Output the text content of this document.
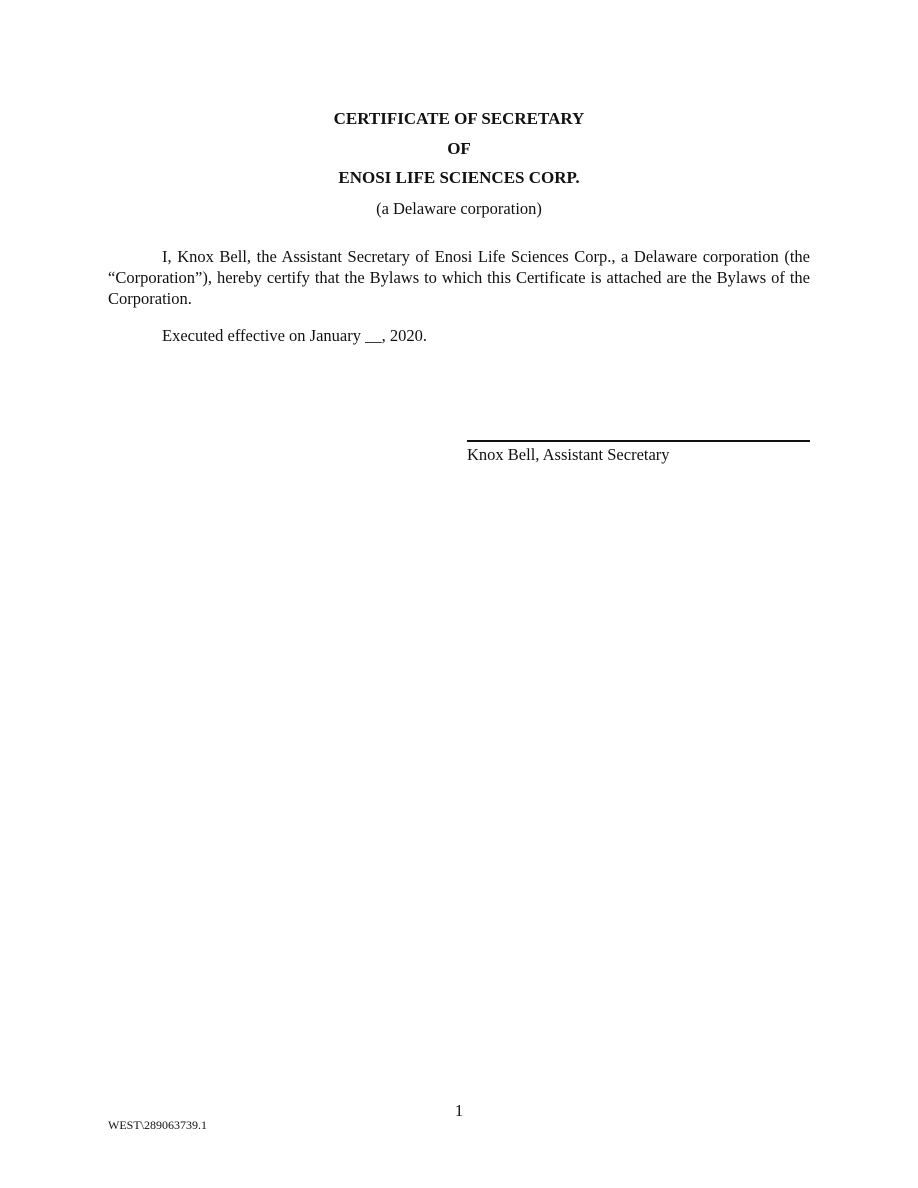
CERTIFICATE OF SECRETARY
OF
ENOSI LIFE SCIENCES CORP.
(a Delaware corporation)

I, Knox Bell, the Assistant Secretary of Enosi Life Sciences Corp., a Delaware corporation (the “Corporation”), hereby certify that the Bylaws to which this Certificate is attached are the Bylaws of the Corporation.

Executed effective on January __, 2020.
Knox Bell, Assistant Secretary
1
WEST\289063739.1
